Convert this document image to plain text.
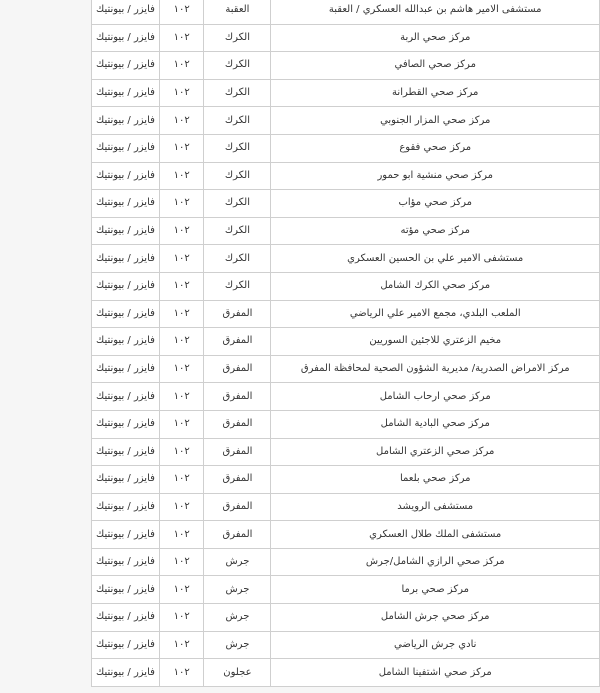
مستشفى الامير هاشم بن عبدالله العسكري / العقبة	العقبة	١٠٢	فايزر / بيونتيك
مركز صحي الربة	الكرك	١٠٢	فايزر / بيونتيك
مركز صحي الصافي	الكرك	١٠٢	فايزر / بيونتيك
مركز صحي القطرانة	الكرك	١٠٢	فايزر / بيونتيك
مركز صحي المزار الجنوبي	الكرك	١٠٢	فايزر / بيونتيك
مركز صحي فقوع	الكرك	١٠٢	فايزر / بيونتيك
مركز صحي منشية ابو حمور	الكرك	١٠٢	فايزر / بيونتيك
مركز صحي مؤاب	الكرك	١٠٢	فايزر / بيونتيك
مركز صحي مؤته	الكرك	١٠٢	فايزر / بيونتيك
مستشفى الامير علي بن الحسين العسكري	الكرك	١٠٢	فايزر / بيونتيك
مركز صحي الكرك الشامل	الكرك	١٠٢	فايزر / بيونتيك
الملعب البلدي، مجمع الامير علي الرياضي	المفرق	١٠٢	فايزر / بيونتيك
مخيم الزعتري للاجئين السوريين	المفرق	١٠٢	فايزر / بيونتيك
مركز الامراض الصدرية/ مديرية الشؤون الصحية لمحافظة المفرق	المفرق	١٠٢	فايزر / بيونتيك
مركز صحي ارحاب الشامل	المفرق	١٠٢	فايزر / بيونتيك
مركز صحي البادية الشامل	المفرق	١٠٢	فايزر / بيونتيك
مركز صحي الزعتري الشامل	المفرق	١٠٢	فايزر / بيونتيك
مركز صحي بلعما	المفرق	١٠٢	فايزر / بيونتيك
مستشفى الرويشد	المفرق	١٠٢	فايزر / بيونتيك
مستشفى الملك طلال العسكري	المفرق	١٠٢	فايزر / بيونتيك
مركز صحي الرازي الشامل/جرش	جرش	١٠٢	فايزر / بيونتيك
مركز صحي برما	جرش	١٠٢	فايزر / بيونتيك
مركز صحي جرش الشامل	جرش	١٠٢	فايزر / بيونتيك
نادي جرش الرياضي	جرش	١٠٢	فايزر / بيونتيك
مركز صحي اشتفينا الشامل	عجلون	١٠٢	فايزر / بيونتيك
